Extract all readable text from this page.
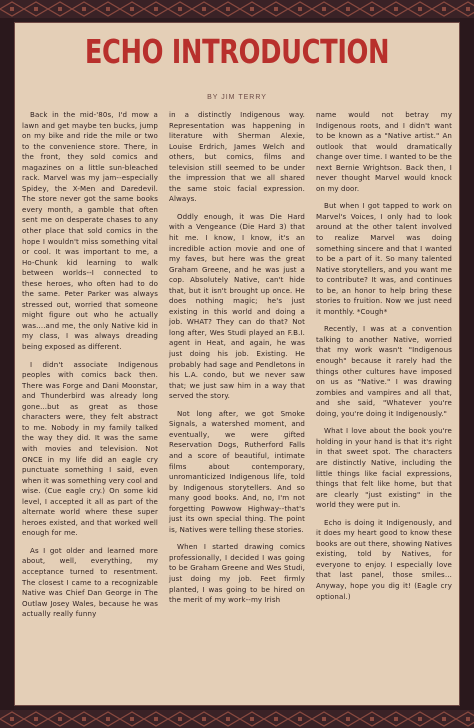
ECHO INTRODUCTION
BY JIM TERRY

Back in the mid-'80s, I'd mow a lawn and get maybe ten bucks, jump on my bike and ride the mile or two to the convenience store. There, in the front, they sold comics and magazines on a little sun-bleached rack. Marvel was my jam--especially Spidey, the X-Men and Daredevil. The store never got the same books every month, a gamble that often sent me on desperate chases to any other place that sold comics in the hope I wouldn't miss something vital or cool. It was important to me, a Ho-Chunk kid learning to walk between worlds--I connected to these heroes, who often had to do the same. Peter Parker was always stressed out, worried that someone might figure out who he actually was....and me, the only Native kid in my class, I was always dreading being exposed as different.

I didn't associate Indigenous peoples with comics back then. There was Forge and Dani Moonstar, and Thunderbird was already long gone...but as great as those characters were, they felt abstract to me. Nobody in my family talked the way they did. It was the same with movies and television. Not ONCE in my life did an eagle cry punctuate something I said, even when it was something very cool and wise. (Cue eagle cry.) On some kid level, I accepted it all as part of the alternate world where these super heroes existed, and that worked well enough for me.

As I got older and learned more about, well, everything, my acceptance turned to resentment. The closest I came to a recognizable Native was Chief Dan George in The Outlaw Josey Wales, because he was actually really funny

in a distinctly Indigenous way. Representation was happening in literature with Sherman Alexie, Louise Erdrich, James Welch and others, but comics, films and television still seemed to be under the impression that we all shared the same stoic facial expression. Always.

Oddly enough, it was Die Hard with a Vengeance (Die Hard 3) that hit me. I know, I know, it's an incredible action movie and one of my faves, but here was the great Graham Greene, and he was just a cop. Absolutely Native, can't hide that, but it isn't brought up once. He does nothing magic; he's just existing in this world and doing a job. WHAT? They can do that? Not long after, Wes Studi played an F.B.I. agent in Heat, and again, he was just doing his job. Existing. He probably had sage and Pendletons in his L.A. condo, but we never saw that; we just saw him in a way that served the story.

Not long after, we got Smoke Signals, a watershed moment, and eventually, we were gifted Reservation Dogs, Rutherford Falls and a score of beautiful, intimate films about contemporary, unromanticized Indigenous life, told by Indigenous storytellers. And so many good books. And, no, I'm not forgetting Powwow Highway--that's just its own special thing. The point is, Natives were telling these stories.

When I started drawing comics professionally, I decided I was going to be Graham Greene and Wes Studi, just doing my job. Feet firmly planted, I was going to be hired on the merit of my work--my Irish

name would not betray my Indigenous roots, and I didn't want to be known as a "Native artist." An outlook that would dramatically change over time. I wanted to be the next Bernie Wrightson. Back then, I never thought Marvel would knock on my door.

But when I got tapped to work on Marvel's Voices, I only had to look around at the other talent involved to realize Marvel was doing something sincere and that I wanted to be a part of it. So many talented Native storytellers, and you want me to contribute? It was, and continues to be, an honor to help bring these stories to fruition. Now we just need it monthly. *Cough*

Recently, I was at a convention talking to another Native, worried that my work wasn't "Indigenous enough" because it rarely had the things other cultures have imposed on us as "Native." I was drawing zombies and vampires and all that, and she said, "Whatever you're doing, you're doing it Indigenously."

What I love about the book you're holding in your hand is that it's right in that sweet spot. The characters are distinctly Native, including the little things like facial expressions, things that felt like home, but that are clearly "just existing" in the world they were put in.

Echo is doing it Indigenously, and it does my heart good to know these books are out there, showing Natives existing, told by Natives, for everyone to enjoy. I especially love that last panel, those smiles… Anyway, hope you dig it! (Eagle cry optional.)
